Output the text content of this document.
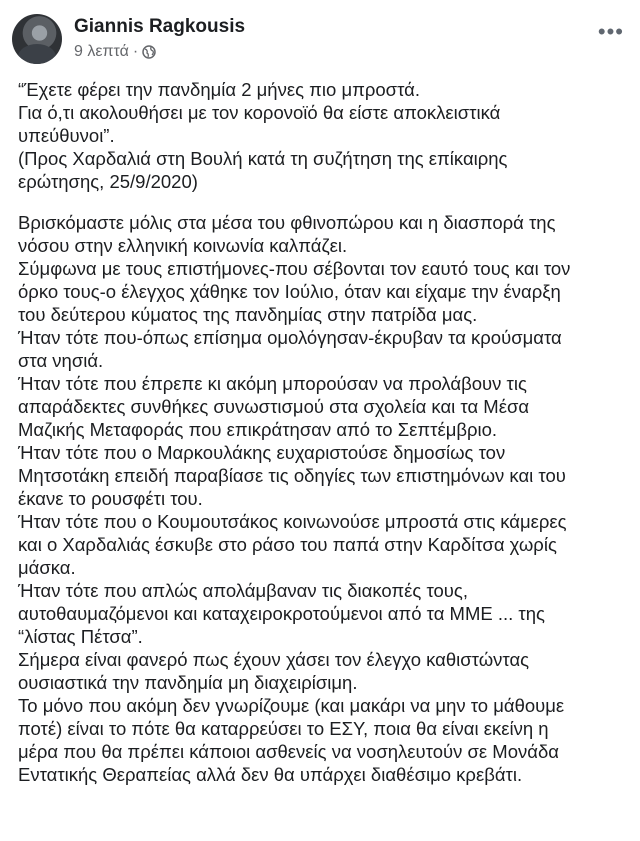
Giannis Ragkousis
9 λεπτά ·
•••
“Έχετε φέρει την πανδημία 2 μήνες πιο μπροστά.
Για ό,τι ακολουθήσει με τον κορονοϊό θα είστε αποκλειστικά
υπεύθυνοι”.
(Προς Χαρδαλιά στη Βουλή κατά τη συζήτηση της επίκαιρης
ερώτησης, 25/9/2020)
Βρισκόμαστε μόλις στα μέσα του φθινοπώρου και η διασπορά της
νόσου στην ελληνική κοινωνία καλπάζει.
Σύμφωνα με τους επιστήμονες-που σέβονται τον εαυτό τους και τον
όρκο τους-ο έλεγχος χάθηκε τον Ιούλιο, όταν και είχαμε την έναρξη
του δεύτερου κύματος της πανδημίας στην πατρίδα μας.
Ήταν τότε που-όπως επίσημα ομολόγησαν-έκρυβαν τα κρούσματα
στα νησιά.
Ήταν τότε που έπρεπε κι ακόμη μπορούσαν να προλάβουν τις
απαράδεκτες συνθήκες συνωστισμού στα σχολεία και τα Μέσα
Μαζικής Μεταφοράς που επικράτησαν από το Σεπτέμβριο.
Ήταν τότε που ο Μαρκουλάκης ευχαριστούσε δημοσίως τον
Μητσοτάκη επειδή παραβίασε τις οδηγίες των επιστημόνων και του
έκανε το ρουσφέτι του.
Ήταν τότε που ο Κουμουτσάκος κοινωνούσε μπροστά στις κάμερες
και ο Χαρδαλιάς έσκυβε στο ράσο του παπά στην Καρδίτσα χωρίς
μάσκα.
Ήταν τότε που απλώς απολάμβαναν τις διακοπές τους,
αυτοθαυμαζόμενοι και καταχειροκροτούμενοι από τα ΜΜΕ ... της
“λίστας Πέτσα”.
Σήμερα είναι φανερό πως έχουν χάσει τον έλεγχο καθιστώντας
ουσιαστικά την πανδημία μη διαχειρίσιμη.
Το μόνο που ακόμη δεν γνωρίζουμε (και μακάρι να μην το μάθουμε
ποτέ) είναι το πότε θα καταρρεύσει το ΕΣΥ, ποια θα είναι εκείνη η
μέρα που θα πρέπει κάποιοι ασθενείς να νοσηλευτούν σε Μονάδα
Εντατικής Θεραπείας αλλά δεν θα υπάρχει διαθέσιμο κρεβάτι.
